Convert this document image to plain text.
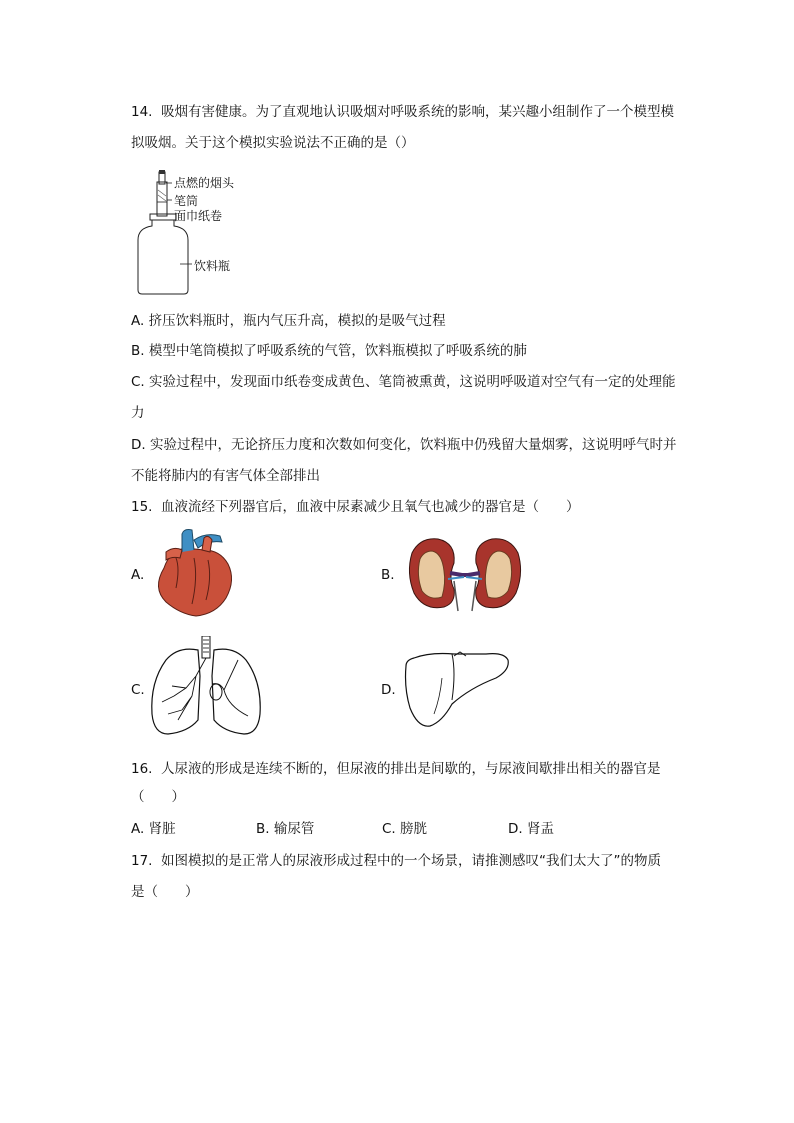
14. 吸烟有害健康。为了直观地认识吸烟对呼吸系统的影响，某兴趣小组制作了一个模型模
拟吸烟。关于这个模拟实验说法不正确的是（）
点燃的烟头
笔筒
面巾纸卷
饮料瓶
A. 挤压饮料瓶时，瓶内气压升高，模拟的是吸气过程
B. 模型中笔筒模拟了呼吸系统的气管，饮料瓶模拟了呼吸系统的肺
C. 实验过程中，发现面巾纸卷变成黄色、笔筒被熏黄，这说明呼吸道对空气有一定的处理能
力
D. 实验过程中，无论挤压力度和次数如何变化，饮料瓶中仍残留大量烟雾，这说明呼气时并
不能将肺内的有害气体全部排出
15. 血液流经下列器官后，血液中尿素减少且氧气也减少的器官是（　　）
A.	B.
C.	D.
16. 人尿液的形成是连续不断的，但尿液的排出是间歇的，与尿液间歇排出相关的器官是
（　　）
A. 肾脏	B. 输尿管	C. 膀胱	D. 肾盂
17. 如图模拟的是正常人的尿液形成过程中的一个场景，请推测感叹“我们太大了”的物质
是（　　）
